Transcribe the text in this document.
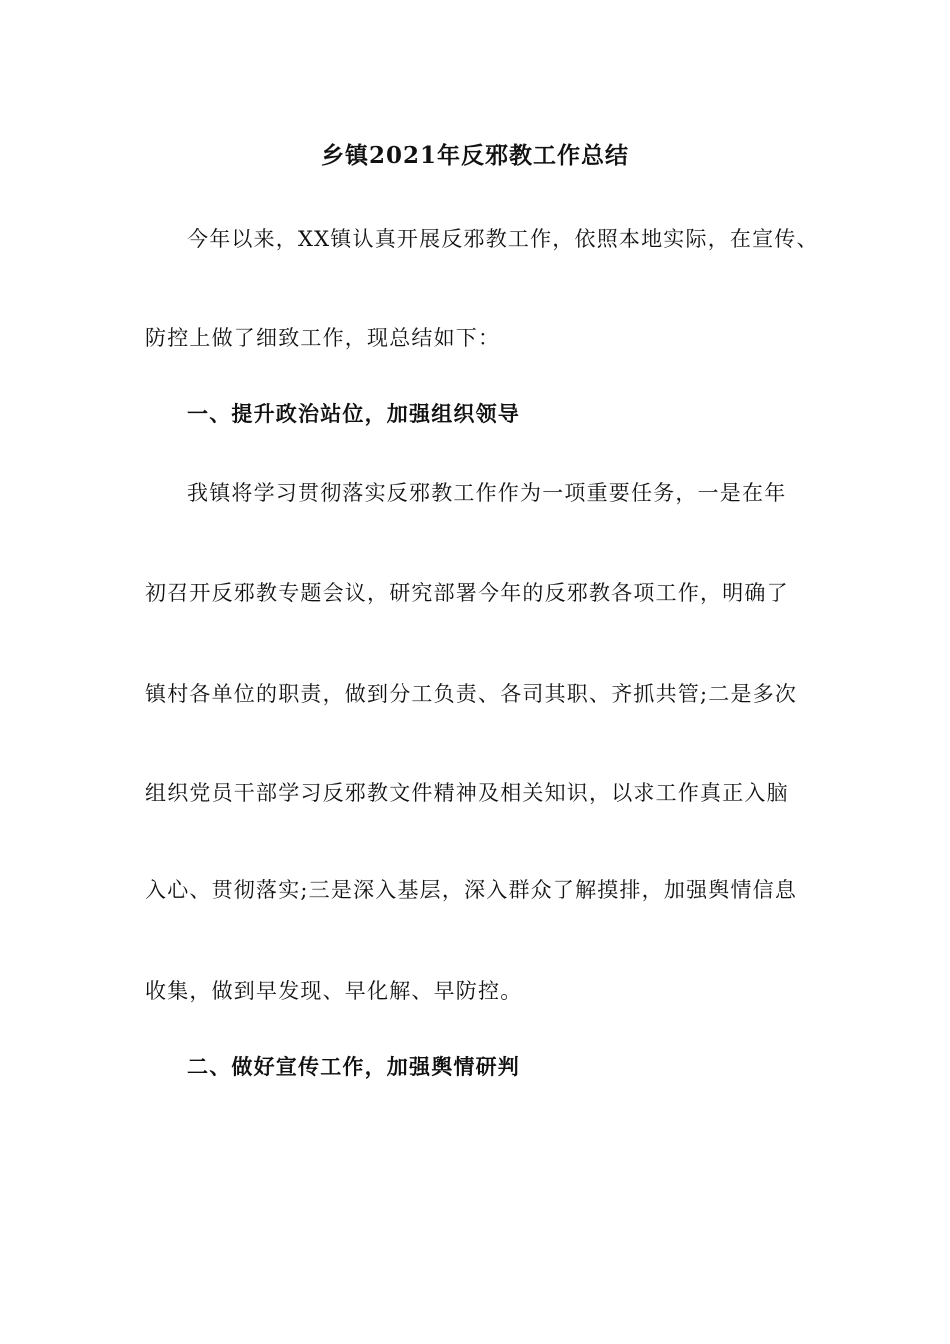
乡镇2021年反邪教工作总结
今年以来，XX镇认真开展反邪教工作，依照本地实际，在宣传、
防控上做了细致工作，现总结如下：
一、提升政治站位，加强组织领导
我镇将学习贯彻落实反邪教工作作为一项重要任务，一是在年
初召开反邪教专题会议，研究部署今年的反邪教各项工作，明确了
镇村各单位的职责，做到分工负责、各司其职、齐抓共管;二是多次
组织党员干部学习反邪教文件精神及相关知识，以求工作真正入脑
入心、贯彻落实;三是深入基层，深入群众了解摸排，加强舆情信息
收集，做到早发现、早化解、早防控。
二、做好宣传工作，加强舆情研判
